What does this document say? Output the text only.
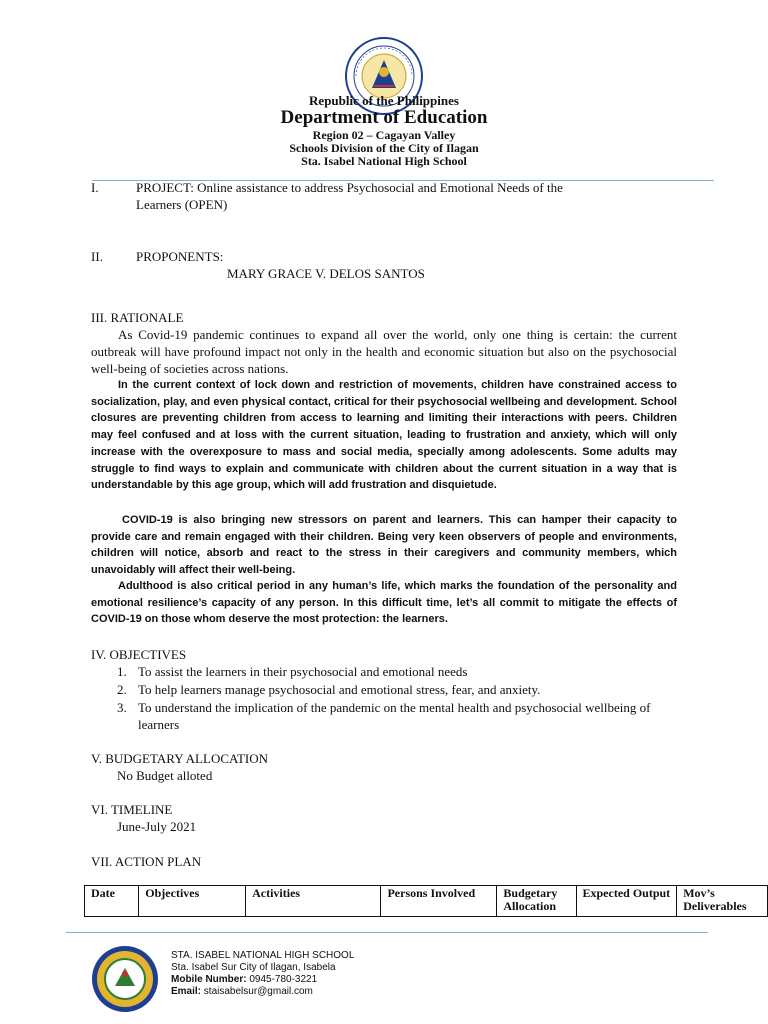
Republic of the Philippines
Department of Education
Region 02 – Cagayan Valley
Schools Division of the City of Ilagan
Sta. Isabel National High School
I.	PROJECT: Online assistance to address Psychosocial and Emotional Needs of the
Learners (OPEN)
II.	PROPONENTS:
MARY GRACE V. DELOS SANTOS
III. RATIONALE
As Covid-19 pandemic continues to expand all over the world, only one thing is certain: the current outbreak will have profound impact not only in the health and economic situation but also on the psychosocial well-being of societies across nations.
In the current context of lock down and restriction of movements, children have constrained access to socialization, play, and even physical contact, critical for their psychosocial wellbeing and development. School closures are preventing children from access to learning and limiting their interactions with peers. Children may feel confused and at loss with the current situation, leading to frustration and anxiety, which will only increase with the overexposure to mass and social media, specially among adolescents. Some adults may struggle to find ways to explain and communicate with children about the current situation in a way that is understandable by this age group, which will add frustration and disquietude.
COVID-19 is also bringing new stressors on parent and learners. This can hamper their capacity to provide care and remain engaged with their children. Being very keen observers of people and environments, children will notice, absorb and react to the stress in their caregivers and community members, which unavoidably will affect their well-being.
Adulthood is also critical period in any human’s life, which marks the foundation of the personality and emotional resilience’s capacity of any person. In this difficult time, let’s all commit to mitigate the effects of COVID-19 on those whom deserve the most protection: the learners.
IV. OBJECTIVES
1. To assist the learners in their psychosocial and emotional needs
2. To help learners manage psychosocial and emotional stress, fear, and anxiety.
3. To understand the implication of the pandemic on the mental health and psychosocial wellbeing of learners
V. BUDGETARY ALLOCATION
No Budget alloted
VI. TIMELINE
June-July 2021
VII. ACTION PLAN
Date	Objectives	Activities	Persons Involved	Budgetary Allocation	Expected Output	Mov’s Deliverables
STA. ISABEL NATIONAL HIGH SCHOOL
Sta. Isabel Sur City of Ilagan, Isabela
Mobile Number: 0945-780-3221
Email: staisabelsur@gmail.com
